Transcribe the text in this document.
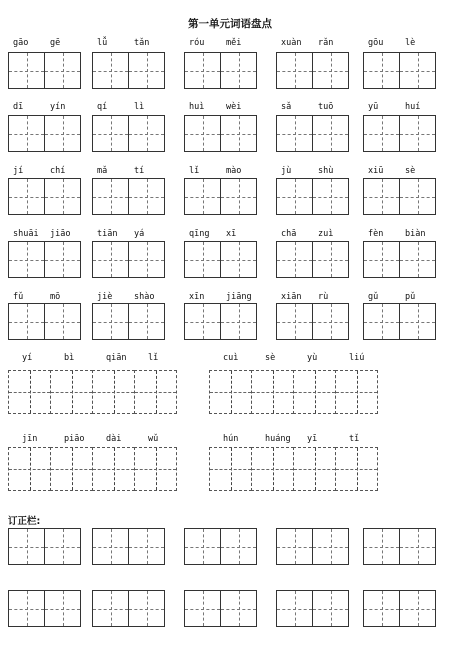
第一单元词语盘点
gāo	gē	lǚ	tǎn	róu	měi	xuàn rǎn	gōu	lè
dī	yín	qí	lì	huì	wèi	sǎ	tuō	yū	huí
jí	chí	mǎ	tí	lǐ	mào	jù	shù	xiū	sè
shuāi jiāo	tiān yá	qīng xī	chā	zuì	fèn	biàn
fǔ	mō	jiè	shào	xīn	jiāng	xiān rù	gǔ	pǔ
yí	bì	qiān	lǐ	cuì	sè	yù	liú
jīn	piāo	dài	wǔ	hún	huáng yī	tǐ
订正栏:
